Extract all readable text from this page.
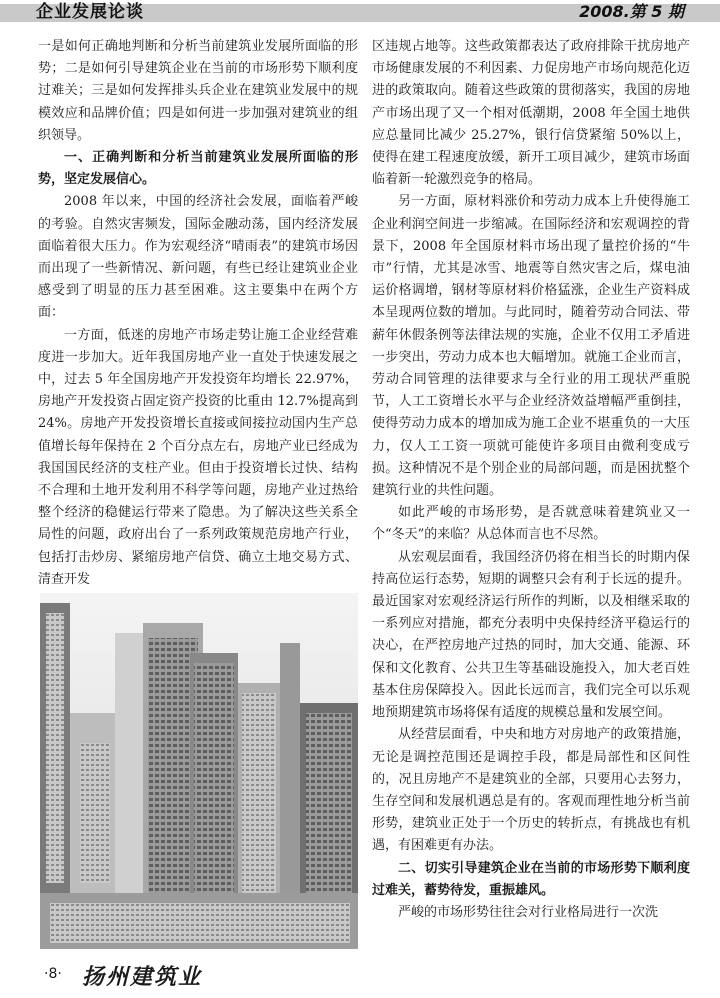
企业发展论谈	2008.第 5 期

一是如何正确地判断和分析当前建筑业发展所面临的形势；二是如何引导建筑企业在当前的市场形势下顺利度过难关；三是如何发挥排头兵企业在建筑业发展中的规模效应和品牌价值；四是如何进一步加强对建筑业的组织领导。

一、正确判断和分析当前建筑业发展所面临的形势，坚定发展信心。

2008 年以来，中国的经济社会发展，面临着严峻的考验。自然灾害频发，国际金融动荡，国内经济发展面临着很大压力。作为宏观经济“晴雨表”的建筑市场因而出现了一些新情况、新问题，有些已经让建筑业企业感受到了明显的压力甚至困难。这主要集中在两个方面：

一方面，低迷的房地产市场走势让施工企业经营难度进一步加大。近年我国房地产业一直处于快速发展之中，过去 5 年全国房地产开发投资年均增长 22.97%，房地产开发投资占固定资产投资的比重由 12.7%提高到 24%。房地产开发投资增长直接或间接拉动国内生产总值增长每年保持在 2 个百分点左右，房地产业已经成为我国国民经济的支柱产业。但由于投资增长过快、结构不合理和土地开发利用不科学等问题，房地产业过热给整个经济的稳健运行带来了隐患。为了解决这些关系全局性的问题，政府出台了一系列政策规范房地产行业，包括打击炒房、紧缩房地产信贷、确立土地交易方式、清查开发

区违规占地等。这些政策都表达了政府排除干扰房地产市场健康发展的不利因素、力促房地产市场向规范化迈进的政策取向。随着这些政策的贯彻落实，我国的房地产市场出现了又一个相对低潮期，2008 年全国土地供应总量同比减少 25.27%，银行信贷紧缩 50%以上，使得在建工程速度放缓，新开工项目减少，建筑市场面临着新一轮激烈竞争的格局。

另一方面，原材料涨价和劳动力成本上升使得施工企业利润空间进一步缩减。在国际经济和宏观调控的背景下，2008 年全国原材料市场出现了量控价扬的“牛市”行情，尤其是冰雪、地震等自然灾害之后，煤电油运价格调增，钢材等原材料价格猛涨，企业生产资料成本呈现两位数的增加。与此同时，随着劳动合同法、带薪年休假条例等法律法规的实施，企业不仅用工矛盾进一步突出，劳动力成本也大幅增加。就施工企业而言，劳动合同管理的法律要求与全行业的用工现状严重脱节，人工工资增长水平与企业经济效益增幅严重倒挂，使得劳动力成本的增加成为施工企业不堪重负的一大压力，仅人工工资一项就可能使许多项目由微利变成亏损。这种情况不是个别企业的局部问题，而是困扰整个建筑行业的共性问题。

如此严峻的市场形势，是否就意味着建筑业又一个“冬天”的来临？从总体而言也不尽然。

从宏观层面看，我国经济仍将在相当长的时期内保持高位运行态势，短期的调整只会有利于长远的提升。最近国家对宏观经济运行所作的判断，以及相继采取的一系列应对措施，都充分表明中央保持经济平稳运行的决心，在严控房地产过热的同时，加大交通、能源、环保和文化教育、公共卫生等基础设施投入，加大老百姓基本住房保障投入。因此长远而言，我们完全可以乐观地预期建筑市场将保有适度的规模总量和发展空间。

从经营层面看，中央和地方对房地产的政策措施，无论是调控范围还是调控手段，都是局部性和区间性的，况且房地产不是建筑业的全部，只要用心去努力，生存空间和发展机遇总是有的。客观而理性地分析当前形势，建筑业正处于一个历史的转折点，有挑战也有机遇，有困难更有办法。

二、切实引导建筑企业在当前的市场形势下顺利度过难关，蓄势待发，重振雄风。

严峻的市场形势往往会对行业格局进行一次洗

·8· 扬州建筑业
